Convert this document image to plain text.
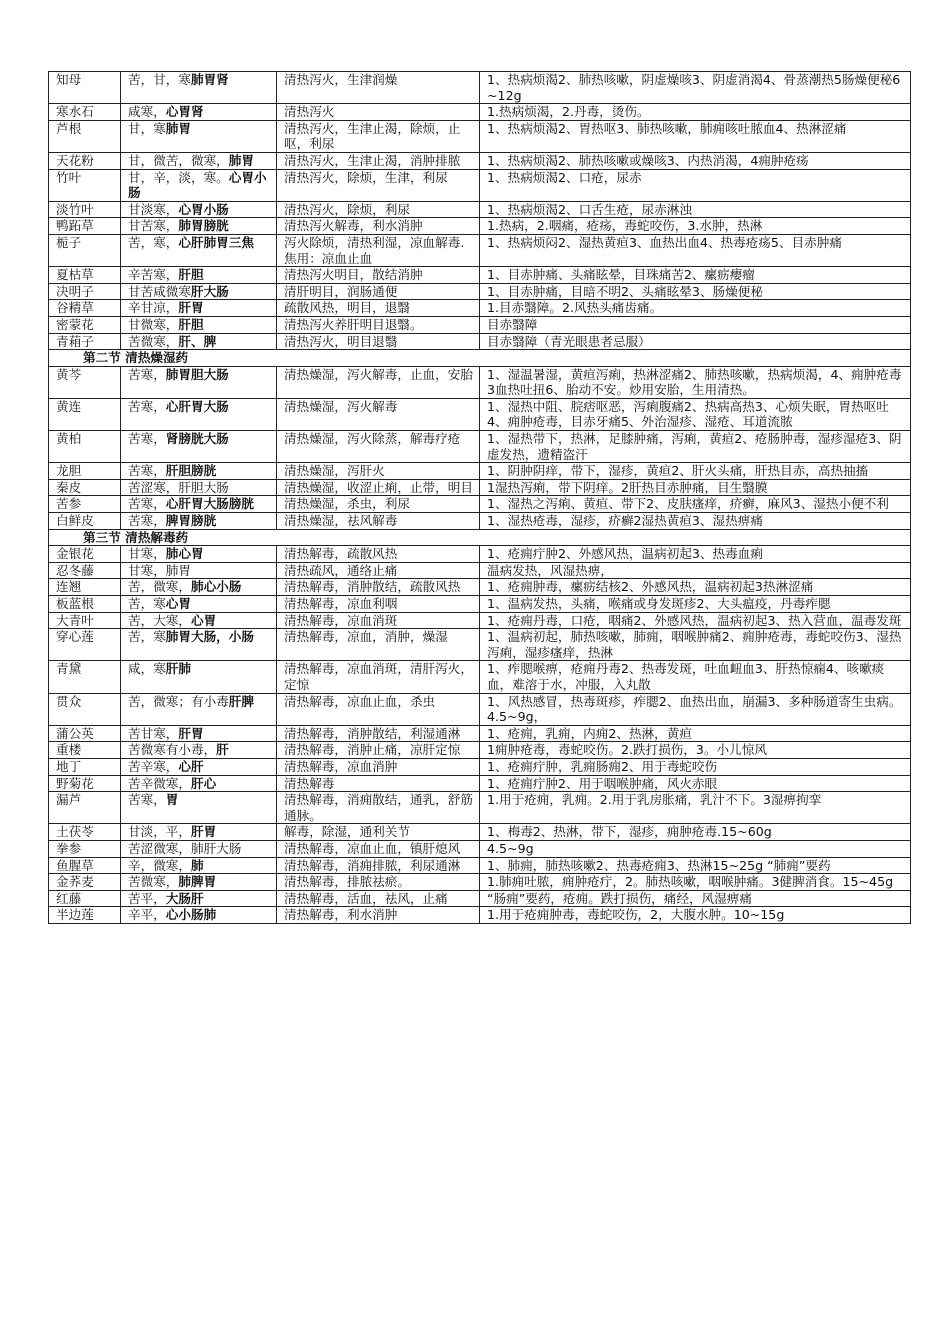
知母	苦，甘，寒肺胃肾	清热泻火，生津润燥	1、热病烦渴2、肺热咳嗽，阴虚燥咳3、阴虚消渴4、骨蒸潮热5肠燥便秘6~12g
寒水石	咸寒，心胃肾	清热泻火	1.热病烦渴，2.丹毒，烫伤。
芦根	甘，寒肺胃	清热泻火，生津止渴，除烦，止呕，利尿	1、热病烦渴2、胃热呕3、肺热咳嗽，肺痈咳吐脓血4、热淋涩痛
天花粉	甘，微苦，微寒，肺胃	清热泻火，生津止渴，消肿排脓	1、热病烦渴2、肺热咳嗽或燥咳3、内热消渴，4痈肿疮疡
竹叶	甘，辛，淡，寒。心胃小肠	清热泻火，除烦，生津，利尿	1、热病烦渴2、口疮，尿赤
淡竹叶	甘淡寒，心胃小肠	清热泻火，除烦，利尿	1、热病烦渴2、口舌生疮，尿赤淋浊
鸭跖草	甘苦寒，肺胃膀胱	清热泻火解毒，利水消肿	1.热病，2.咽痛，疮疡，毒蛇咬伤，3.水肿，热淋
栀子	苦，寒，心肝肺胃三焦	泻火除烦，清热利湿，凉血解毒.焦用：凉血止血	1、热病烦闷2、湿热黄疸3、血热出血4、热毒疮疡5、目赤肿痛
夏枯草	辛苦寒，肝胆	清热泻火明目，散结消肿	1、目赤肿痛、头痛眩晕，目珠痛苦2、瘰疬瘿瘤
决明子	甘苦咸微寒肝大肠	清肝明目，润肠通便	1、目赤肿痛，目暗不明2、头痛眩晕3、肠燥便秘
谷精草	辛甘凉，肝胃	疏散风热，明目，退翳	1.目赤翳障。2.风热头痛齿痛。
密蒙花	甘微寒，肝胆	清热泻火养肝明目退翳。	目赤翳障
青葙子	苦微寒，肝、脾	清热泻火，明目退翳	目赤翳障（青光眼患者忌服）
第二节 清热燥湿药			
黄芩	苦寒，肺胃胆大肠	清热燥湿，泻火解毒，止血，安胎	1、湿温暑湿，黄疸泻痢，热淋涩痛2、肺热咳嗽，热病烦渴，4、痈肿疮毒3血热吐扭6、胎动不安。炒用安胎，生用清热。
黄连	苦寒，心肝胃大肠	清热燥湿，泻火解毒	1、湿热中阻、脘痞呕恶，泻痢腹痛2、热病高热3、心烦失眠，胃热呕吐4、痈肿疮毒，目赤牙痛5、外治湿疹、湿疮、耳道流脓
黄柏	苦寒，肾膀胱大肠	清热燥湿，泻火除蒸，解毒疗疮	1、湿热带下，热淋，足膝肿痛，泻痢，黄疸2、疮肠肿毒，湿疹湿疮3、阴虚发热，遗精盗汗
龙胆	苦寒，肝胆膀胱	清热燥湿，泻肝火	1、阴肿阴痒，带下，湿疹，黄疸2、肝火头痛，肝热目赤，高热抽搐
秦皮	苦涩寒，肝胆大肠	清热燥湿，收涩止痢，止带，明目	1湿热泻痢，带下阴痒。2肝热目赤肿痛，目生翳膜
苦参	苦寒，心肝胃大肠膀胱	清热燥湿，杀虫，利尿	1、湿热之泻痢、黄疸、带下2、皮肤瘙痒，疥癣，麻风3、湿热小便不利
白鲜皮	苦寒，脾胃膀胱	清热燥湿，祛风解毒	1、湿热疮毒，湿疹，疥癣2湿热黄疸3、湿热痹痛
第三节 清热解毒药			
金银花	甘寒，肺心胃	清热解毒，疏散风热	1、疮痈疔肿2、外感风热，温病初起3、热毒血痢
忍冬藤	甘寒，肺胃	清热疏风，通络止痛	温病发热，风湿热痹，
连翘	苦，微寒，肺心小肠	清热解毒，消肿散结，疏散风热	1、疮痈肿毒，瘰疬结核2、外感风热，温病初起3热淋涩痛
板蓝根	苦，寒心胃	清热解毒，凉血利咽	1、温病发热，头痛，喉痛或身发斑疹2、大头瘟疫，丹毒痄腮
大青叶	苦，大寒，心胃	清热解毒，凉血消斑	1、疮痈丹毒，口疮，咽痛2、外感风热，温病初起3、热入营血，温毒发斑
穿心莲	苦，寒肺胃大肠，小肠	清热解毒，凉血，消肿，燥湿	1、温病初起，肺热咳嗽，肺痈，咽喉肿痛2、痈肿疮毒，毒蛇咬伤3、湿热泻痢，湿疹瘙痒，热淋
青黛	咸，寒肝肺	清热解毒，凉血消斑，清肝泻火，定惊	1、痄腮喉痹，疮痈丹毒2、热毒发斑，吐血衄血3、肝热惊痫4、咳嗽痰血，难溶于水，冲服，入丸散
贯众	苦，微寒；有小毒肝脾	清热解毒，凉血止血，杀虫	1、风热感冒，热毒斑疹，痄腮2、血热出血，崩漏3、多种肠道寄生虫病。4.5~9g，
蒲公英	苦甘寒，肝胃	清热解毒，消肿散结，利湿通淋	1、疮痈，乳痈，内痈2、热淋，黄疸
重楼	苦微寒有小毒，肝	清热解毒，消肿止痛，凉肝定惊	1痈肿疮毒，毒蛇咬伤。2.跌打损伤，3。小儿惊风
地丁	苦辛寒，心肝	清热解毒，凉血消肿	1、疮痈疔肿，乳痈肠痈2、用于毒蛇咬伤
野菊花	苦辛微寒，肝心	清热解毒	1、疮痈疔肿2、用于咽喉肿痛，风火赤眼
漏芦	苦寒，胃	清热解毒，消痈散结，通乳，舒筋通脉。	1.用于疮痈，乳痈。2.用于乳房胀痛，乳汁不下。3湿痹拘挛
土茯苓	甘淡，平，肝胃	解毒，除湿，通利关节	1、梅毒2、热淋，带下，湿疹，痈肿疮毒.15~60g
拳参	苦涩微寒，肺肝大肠	清热解毒，凉血止血，镇肝熄风	4.5~9g
鱼腥草	辛，微寒，肺	清热解毒，消痈排脓，利尿通淋	1、肺痈，肺热咳嗽2、热毒疮痈3、热淋15~25g “肺痈”要药
金荞麦	苦微寒，肺脾胃	清热解毒，排脓祛瘀。	1.肺痈吐脓，痈肿疮疔，2。肺热咳嗽，咽喉肿痛。3健脾消食。15~45g
红藤	苦平，大肠肝	清热解毒，活血，祛风，止痛	“肠痈”要药，疮痈。跌打损伤，痛经，风湿痹痛
半边莲	辛平，心小肠肺	清热解毒，利水消肿	1.用于疮痈肿毒，毒蛇咬伤，2，大腹水肿。10~15g
